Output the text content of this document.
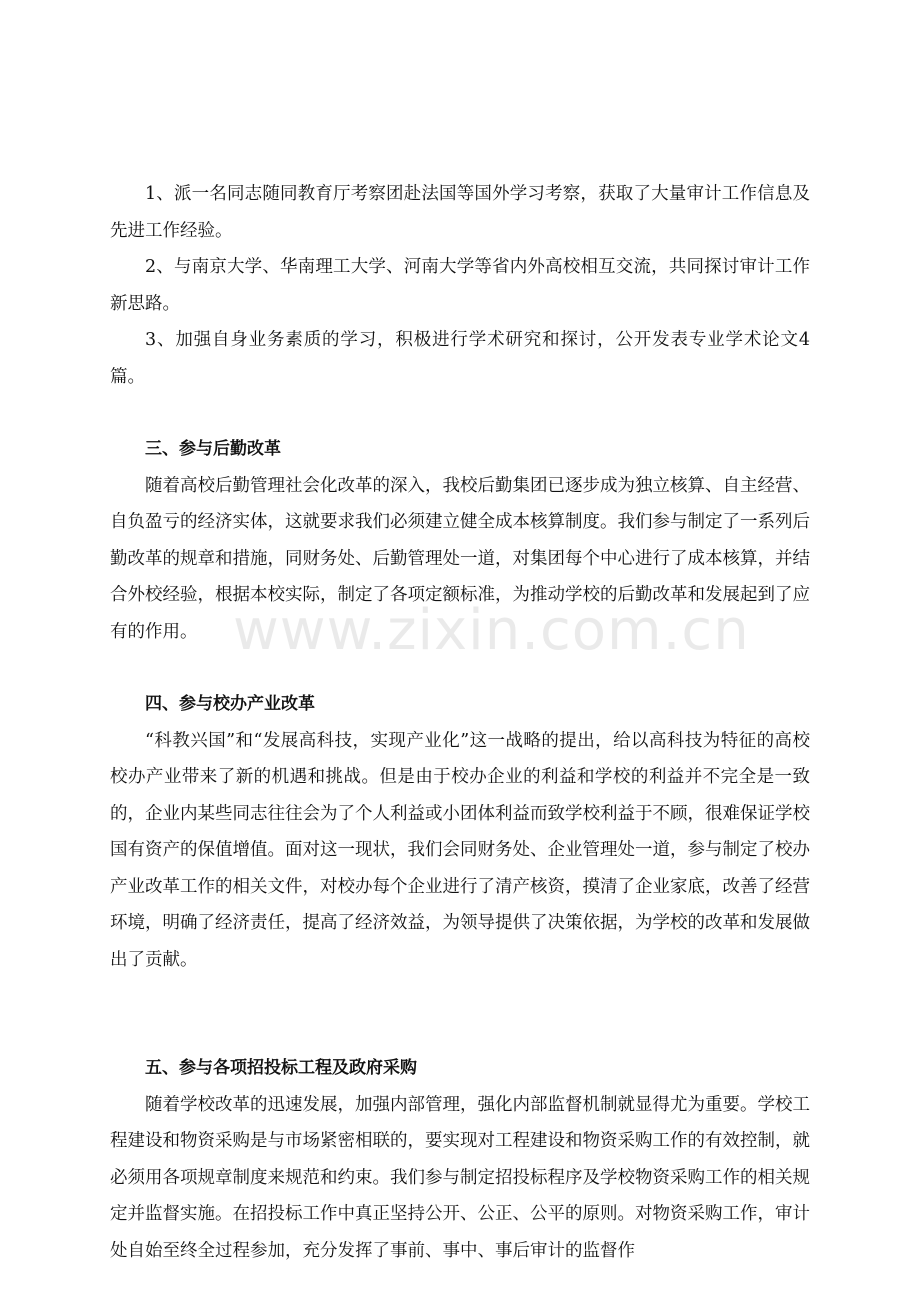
1、派一名同志随同教育厅考察团赴法国等国外学习考察，获取了大量审计工作信息及先进工作经验。

2、与南京大学、华南理工大学、河南大学等省内外高校相互交流，共同探讨审计工作新思路。

3、加强自身业务素质的学习，积极进行学术研究和探讨，公开发表专业学术论文4篇。

三、参与后勤改革

随着高校后勤管理社会化改革的深入，我校后勤集团已逐步成为独立核算、自主经营、自负盈亏的经济实体，这就要求我们必须建立健全成本核算制度。我们参与制定了一系列后勤改革的规章和措施，同财务处、后勤管理处一道，对集团每个中心进行了成本核算，并结合外校经验，根据本校实际，制定了各项定额标准，为推动学校的后勤改革和发展起到了应有的作用。

四、参与校办产业改革

“科教兴国”和“发展高科技，实现产业化”这一战略的提出，给以高科技为特征的高校校办产业带来了新的机遇和挑战。但是由于校办企业的利益和学校的利益并不完全是一致的，企业内某些同志往往会为了个人利益或小团体利益而致学校利益于不顾，很难保证学校国有资产的保值增值。面对这一现状，我们会同财务处、企业管理处一道，参与制定了校办产业改革工作的相关文件，对校办每个企业进行了清产核资，摸清了企业家底，改善了经营环境，明确了经济责任，提高了经济效益，为领导提供了决策依据，为学校的改革和发展做出了贡献。

五、参与各项招投标工程及政府采购

随着学校改革的迅速发展，加强内部管理，强化内部监督机制就显得尤为重要。学校工程建设和物资采购是与市场紧密相联的，要实现对工程建设和物资采购工作的有效控制，就必须用各项规章制度来规范和约束。我们参与制定招投标程序及学校物资采购工作的相关规定并监督实施。在招投标工作中真正坚持公开、公正、公平的原则。对物资采购工作，审计处自始至终全过程参加，充分发挥了事前、事中、事后审计的监督作

www.zixin.com.cn
